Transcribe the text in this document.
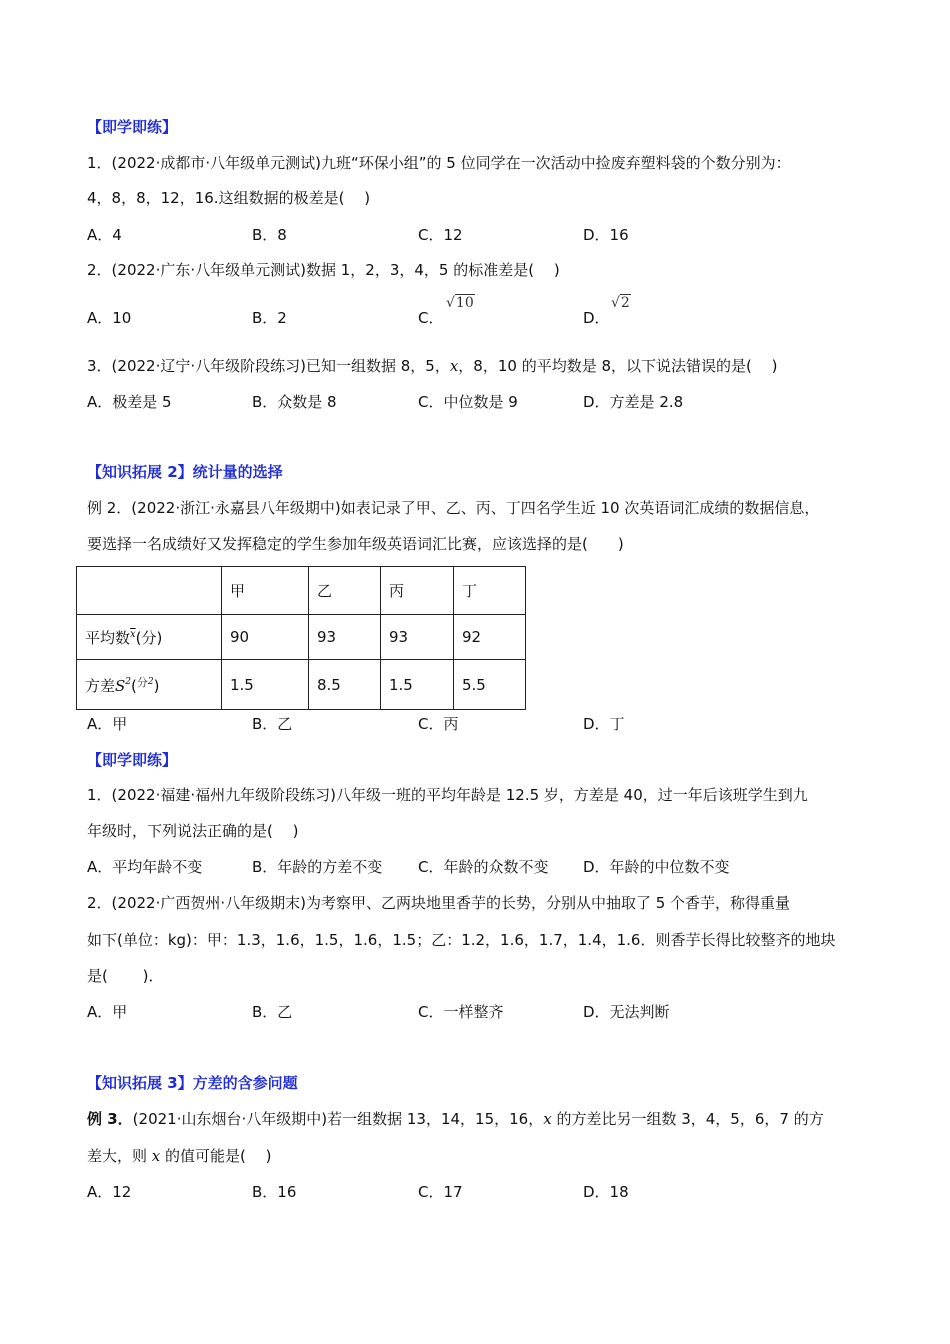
【即学即练】
1．(2022·成都市·八年级单元测试)九班“环保小组”的 5 位同学在一次活动中捡废弃塑料袋的个数分别为：
4，8，8，12，16.这组数据的极差是(　 )
A．4	B．8	C．12	D．16
2．(2022·广东·八年级单元测试)数据 1，2，3，4，5 的标准差是(　 )
A．10	B．2	C．
√10
D．
√2
3．(2022·辽宁·八年级阶段练习)已知一组数据 8，5，x，8，10 的平均数是 8，以下说法错误的是(　 )
A．极差是 5	B．众数是 8	C．中位数是 9	D．方差是 2.8
【知识拓展 2】统计量的选择
例 2．(2022·浙江·永嘉县八年级期中)如表记录了甲、乙、丙、丁四名学生近 10 次英语词汇成绩的数据信息，
要选择一名成绩好又发挥稳定的学生参加年级英语词汇比赛，应该选择的是(　　)
	甲	乙	丙	丁
平均数$^{\overline{x}}$(分)	90	93	93	92
方差$S^2(^{分2})$	1.5	8.5	1.5	5.5
A．甲	B．乙	C．丙	D．丁
【即学即练】
1．(2022·福建·福州九年级阶段练习)八年级一班的平均年龄是 12.5 岁，方差是 40，过一年后该班学生到九
年级时，下列说法正确的是(　 )
A．平均年龄不变	B．年龄的方差不变 C．年龄的众数不变 D．年龄的中位数不变
2．(2022·广西贺州·八年级期末)为考察甲、乙两块地里香芋的长势，分别从中抽取了 5 个香芋，称得重量
如下(单位：kg)：甲：1.3，1.6，1.5，1.6，1.5；乙：1.2，1.6，1.7，1.4，1.6．则香芋长得比较整齐的地块
是(　　 )．
A．甲	B．乙	C．一样整齐	D．无法判断
【知识拓展 3】方差的含参问题
例 3．(2021·山东烟台·八年级期中)若一组数据 13，14，15，16，x 的方差比另一组数 3，4，5，6，7 的方
差大，则 x 的值可能是(　 )
A．12	B．16	C．17	D．18
